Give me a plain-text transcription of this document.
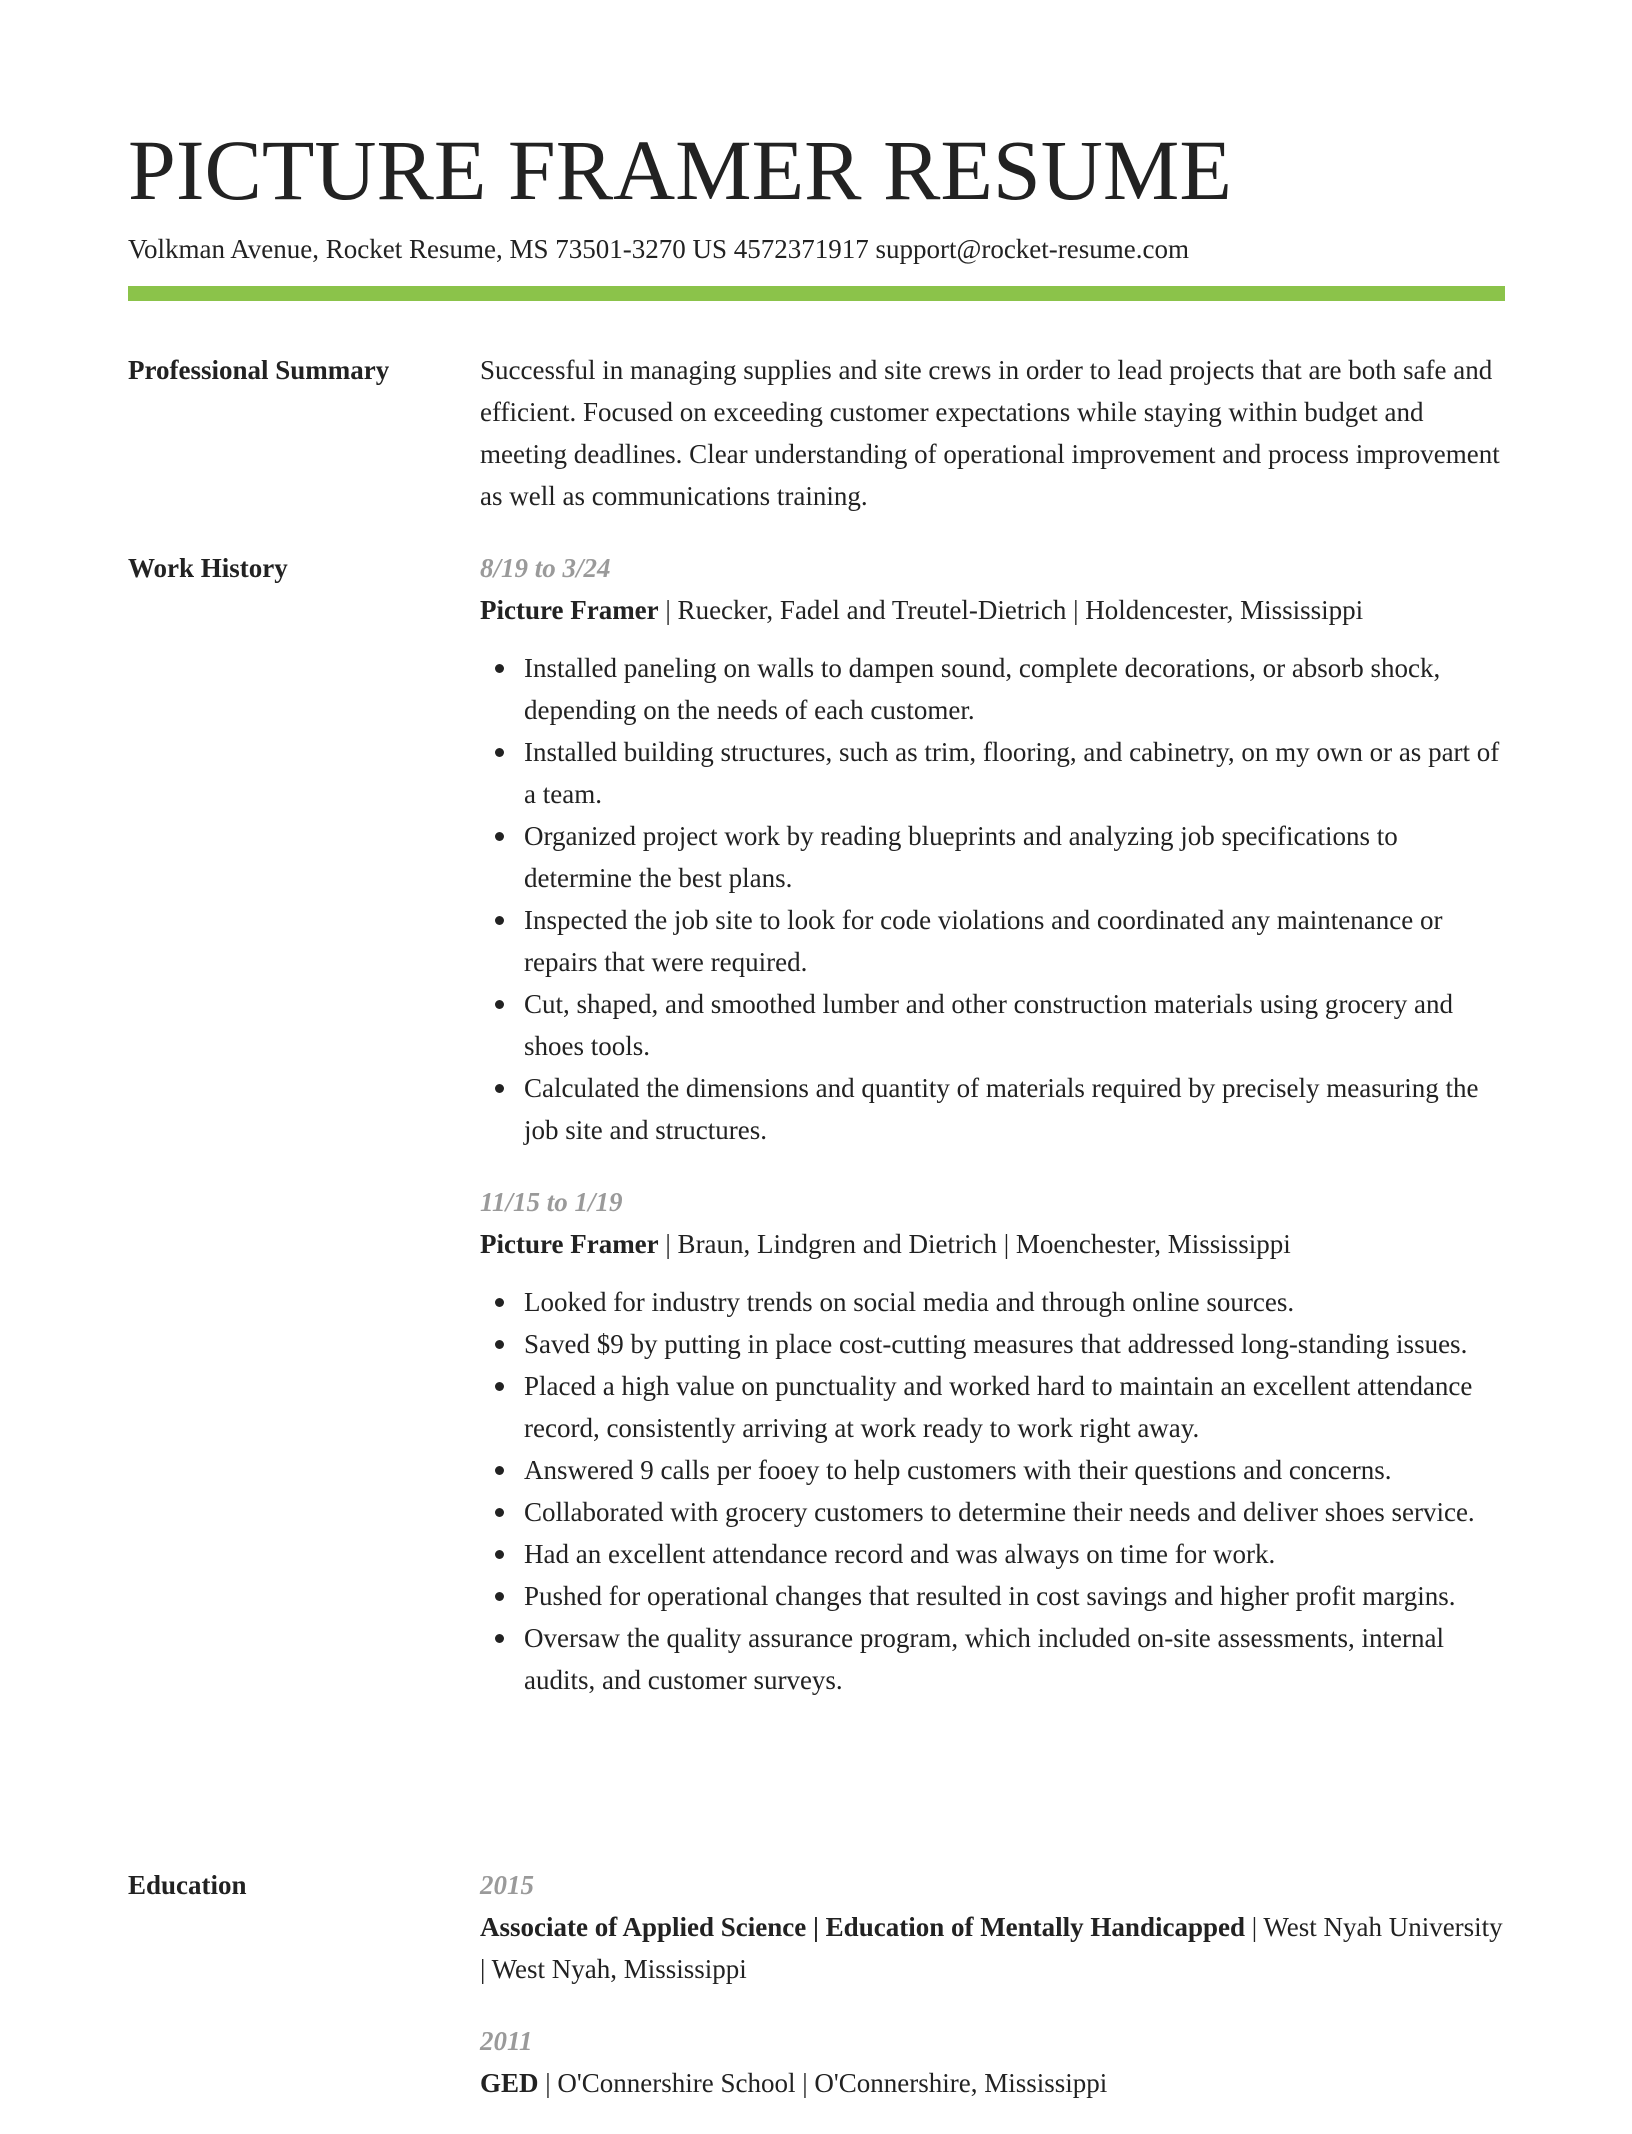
PICTURE FRAMER RESUME
Volkman Avenue, Rocket Resume, MS 73501-3270 US 4572371917 support@rocket-resume.com
Professional Summary	Successful in managing supplies and site crews in order to lead projects that are both safe and efficient. Focused on exceeding customer expectations while staying within budget and meeting deadlines. Clear understanding of operational improvement and process improvement as well as communications training.

Work History	8/19 to 3/24

Picture Framer | Ruecker, Fadel and Treutel-Dietrich | Holdencester, Mississippi

Installed paneling on walls to dampen sound, complete decorations, or absorb shock, depending on the needs of each customer.
Installed building structures, such as trim, flooring, and cabinetry, on my own or as part of a team.
Organized project work by reading blueprints and analyzing job specifications to determine the best plans.
Inspected the job site to look for code violations and coordinated any maintenance or repairs that were required.
Cut, shaped, and smoothed lumber and other construction materials using grocery and shoes tools.
Calculated the dimensions and quantity of materials required by precisely measuring the job site and structures.
11/15 to 1/19

Picture Framer | Braun, Lindgren and Dietrich | Moenchester, Mississippi

Looked for industry trends on social media and through online sources.
Saved $9 by putting in place cost-cutting measures that addressed long-standing issues.
Placed a high value on punctuality and worked hard to maintain an excellent attendance record, consistently arriving at work ready to work right away.
Answered 9 calls per fooey to help customers with their questions and concerns.
Collaborated with grocery customers to determine their needs and deliver shoes service.
Had an excellent attendance record and was always on time for work.
Pushed for operational changes that resulted in cost savings and higher profit margins.
Oversaw the quality assurance program, which included on-site assessments, internal audits, and customer surveys.
Education	2015

Associate of Applied Science | Education of Mentally Handicapped | West Nyah University | West Nyah, Mississippi

2011

GED | O'Connershire School | O'Connershire, Mississippi
